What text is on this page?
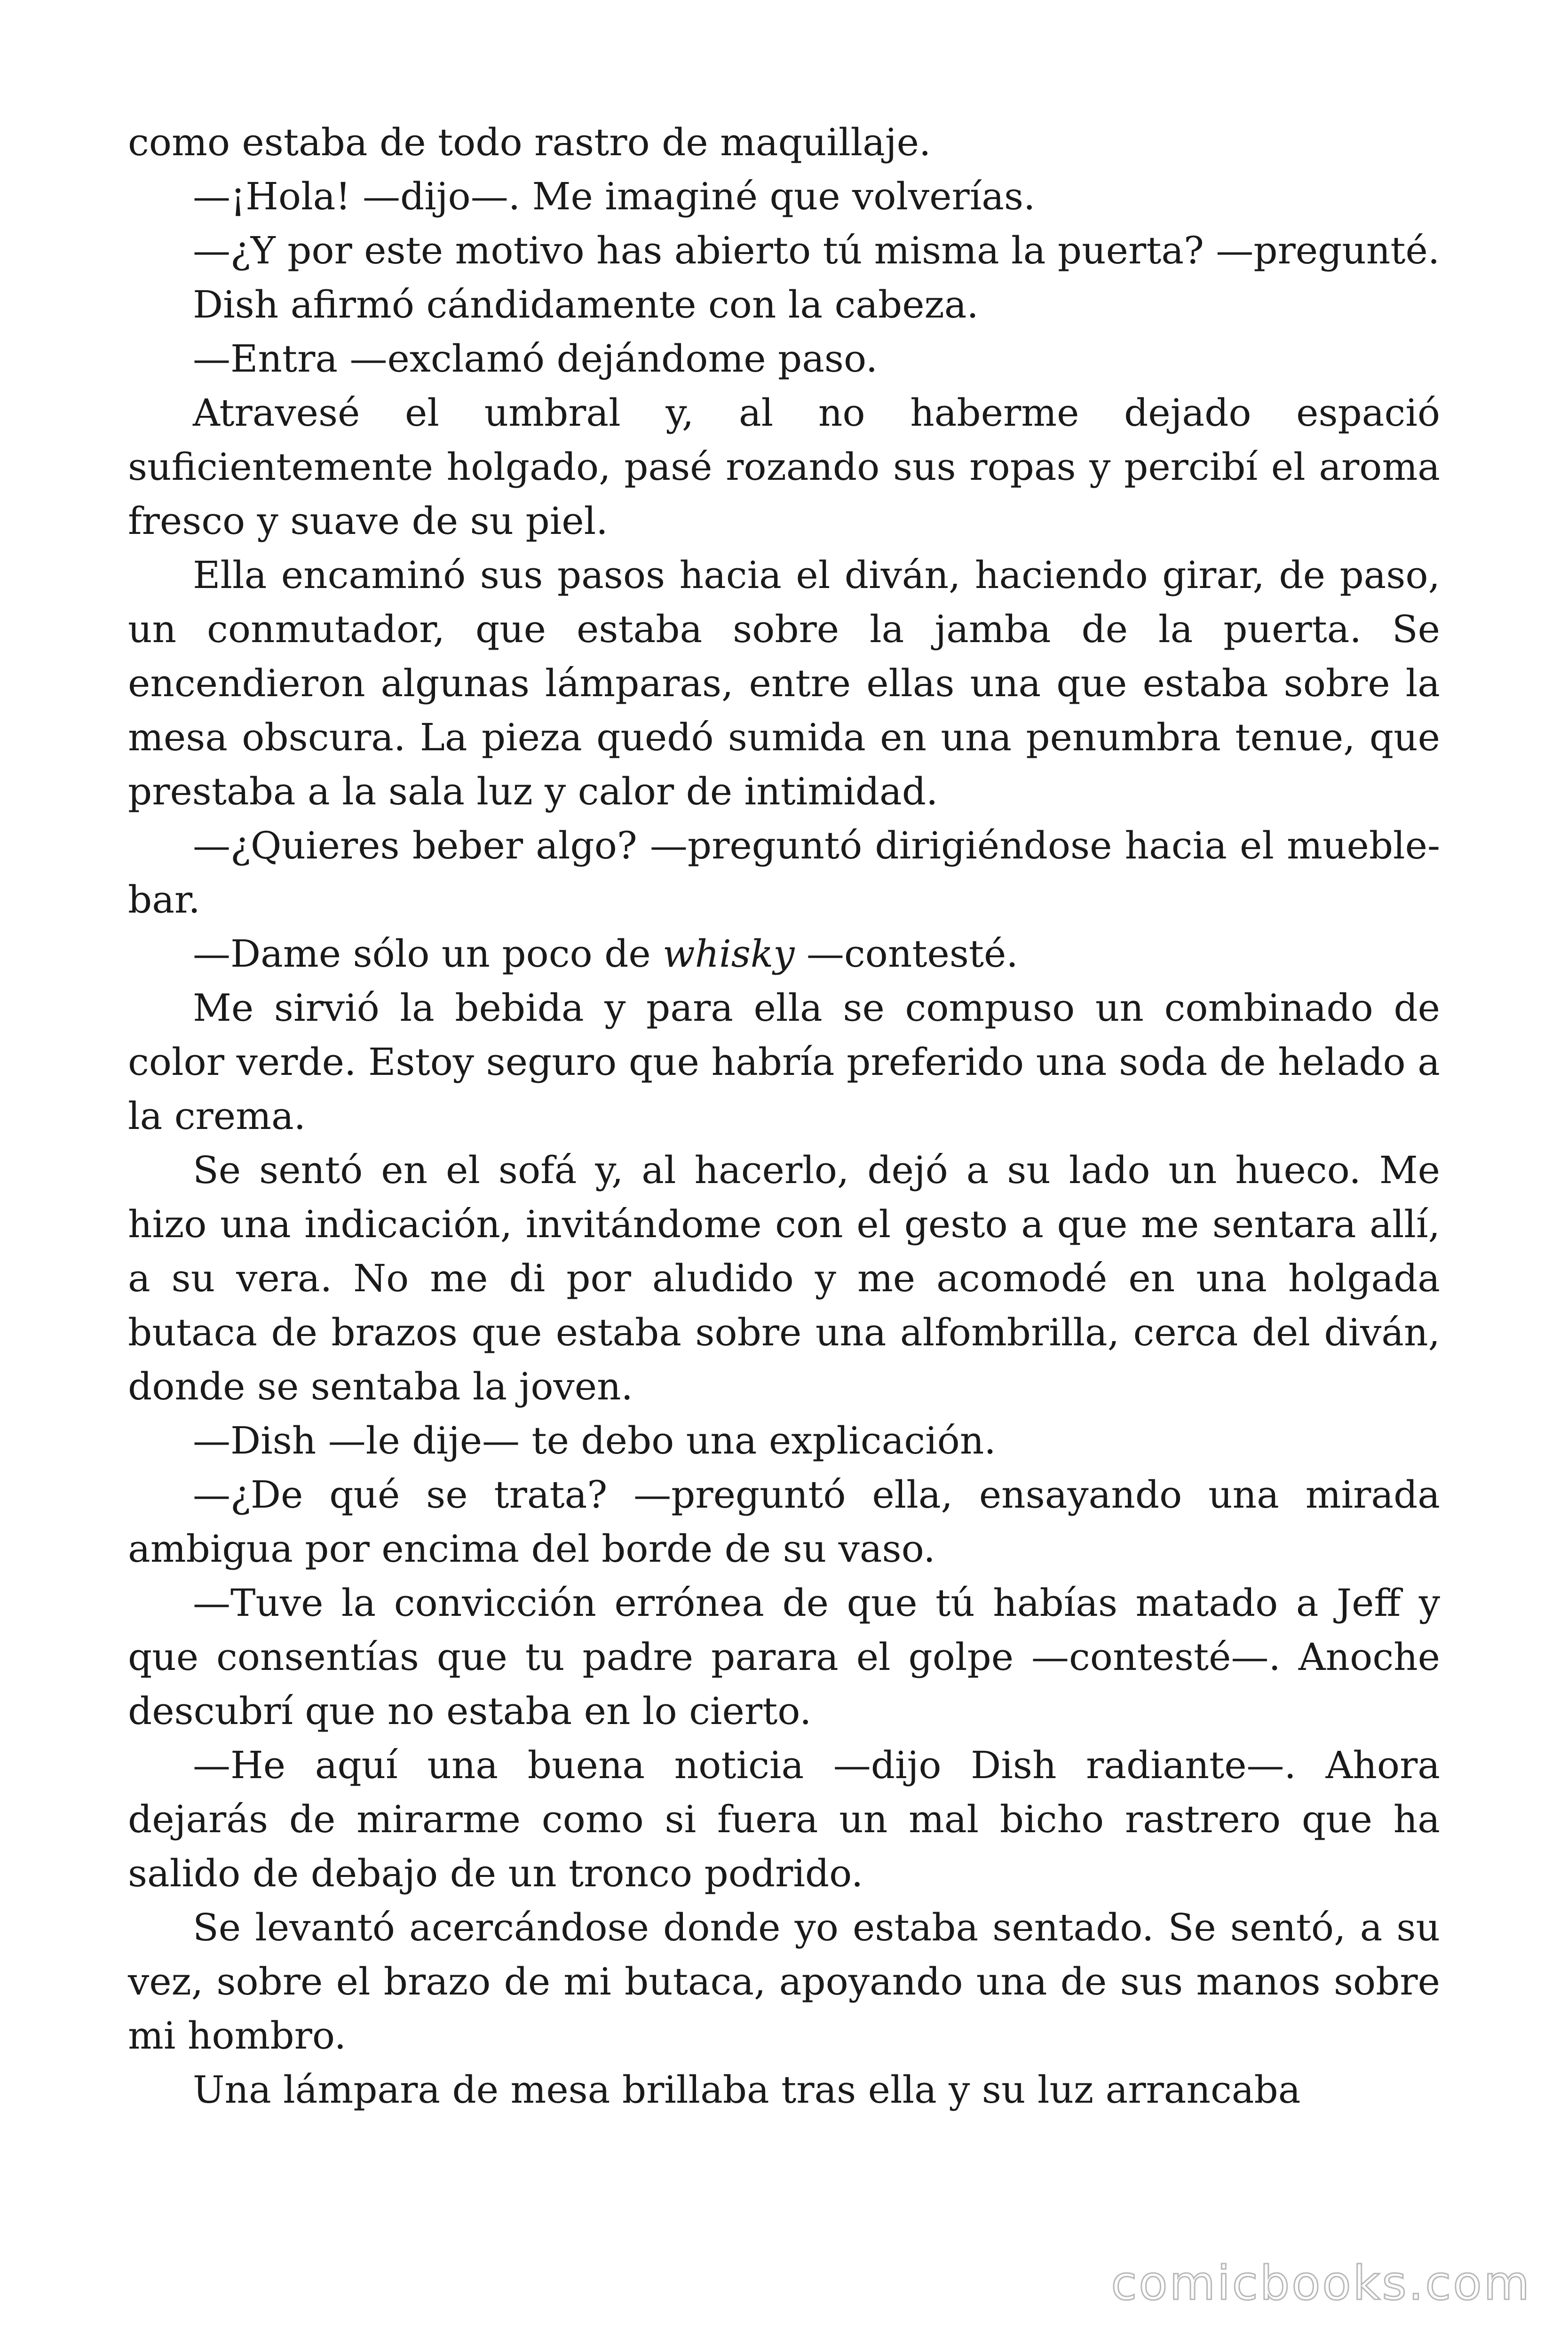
como estaba de todo rastro de maquillaje.

—¡Hola! —dijo—. Me imaginé que volverías.

—¿Y por este motivo has abierto tú misma la puerta? —pregunté.

Dish afirmó cándidamente con la cabeza.

—Entra —exclamó dejándome paso.

Atravesé el umbral y, al no haberme dejado espació suficientemente holgado, pasé rozando sus ropas y percibí el aroma fresco y suave de su piel.

Ella encaminó sus pasos hacia el diván, haciendo girar, de paso, un conmutador, que estaba sobre la jamba de la puerta. Se encendieron algunas lámparas, entre ellas una que estaba sobre la mesa obscura. La pieza quedó sumida en una penumbra tenue, que prestaba a la sala luz y calor de intimidad.

—¿Quieres beber algo? —preguntó dirigiéndose hacia el mueble-bar.

—Dame sólo un poco de whisky —contesté.

Me sirvió la bebida y para ella se compuso un combinado de color verde. Estoy seguro que habría preferido una soda de helado a la crema.

Se sentó en el sofá y, al hacerlo, dejó a su lado un hueco. Me hizo una indicación, invitándome con el gesto a que me sentara allí, a su vera. No me di por aludido y me acomodé en una holgada butaca de brazos que estaba sobre una alfombrilla, cerca del diván, donde se sentaba la joven.

—Dish —le dije— te debo una explicación.

—¿De qué se trata? —preguntó ella, ensayando una mirada ambigua por encima del borde de su vaso.

—Tuve la convicción errónea de que tú habías matado a Jeff y que consentías que tu padre parara el golpe —contesté—. Anoche descubrí que no estaba en lo cierto.

—He aquí una buena noticia —dijo Dish radiante—. Ahora dejarás de mirarme como si fuera un mal bicho rastrero que ha salido de debajo de un tronco podrido.

Se levantó acercándose donde yo estaba sentado. Se sentó, a su vez, sobre el brazo de mi butaca, apoyando una de sus manos sobre mi hombro.

Una lámpara de mesa brillaba tras ella y su luz arrancaba

comicbooks.com
